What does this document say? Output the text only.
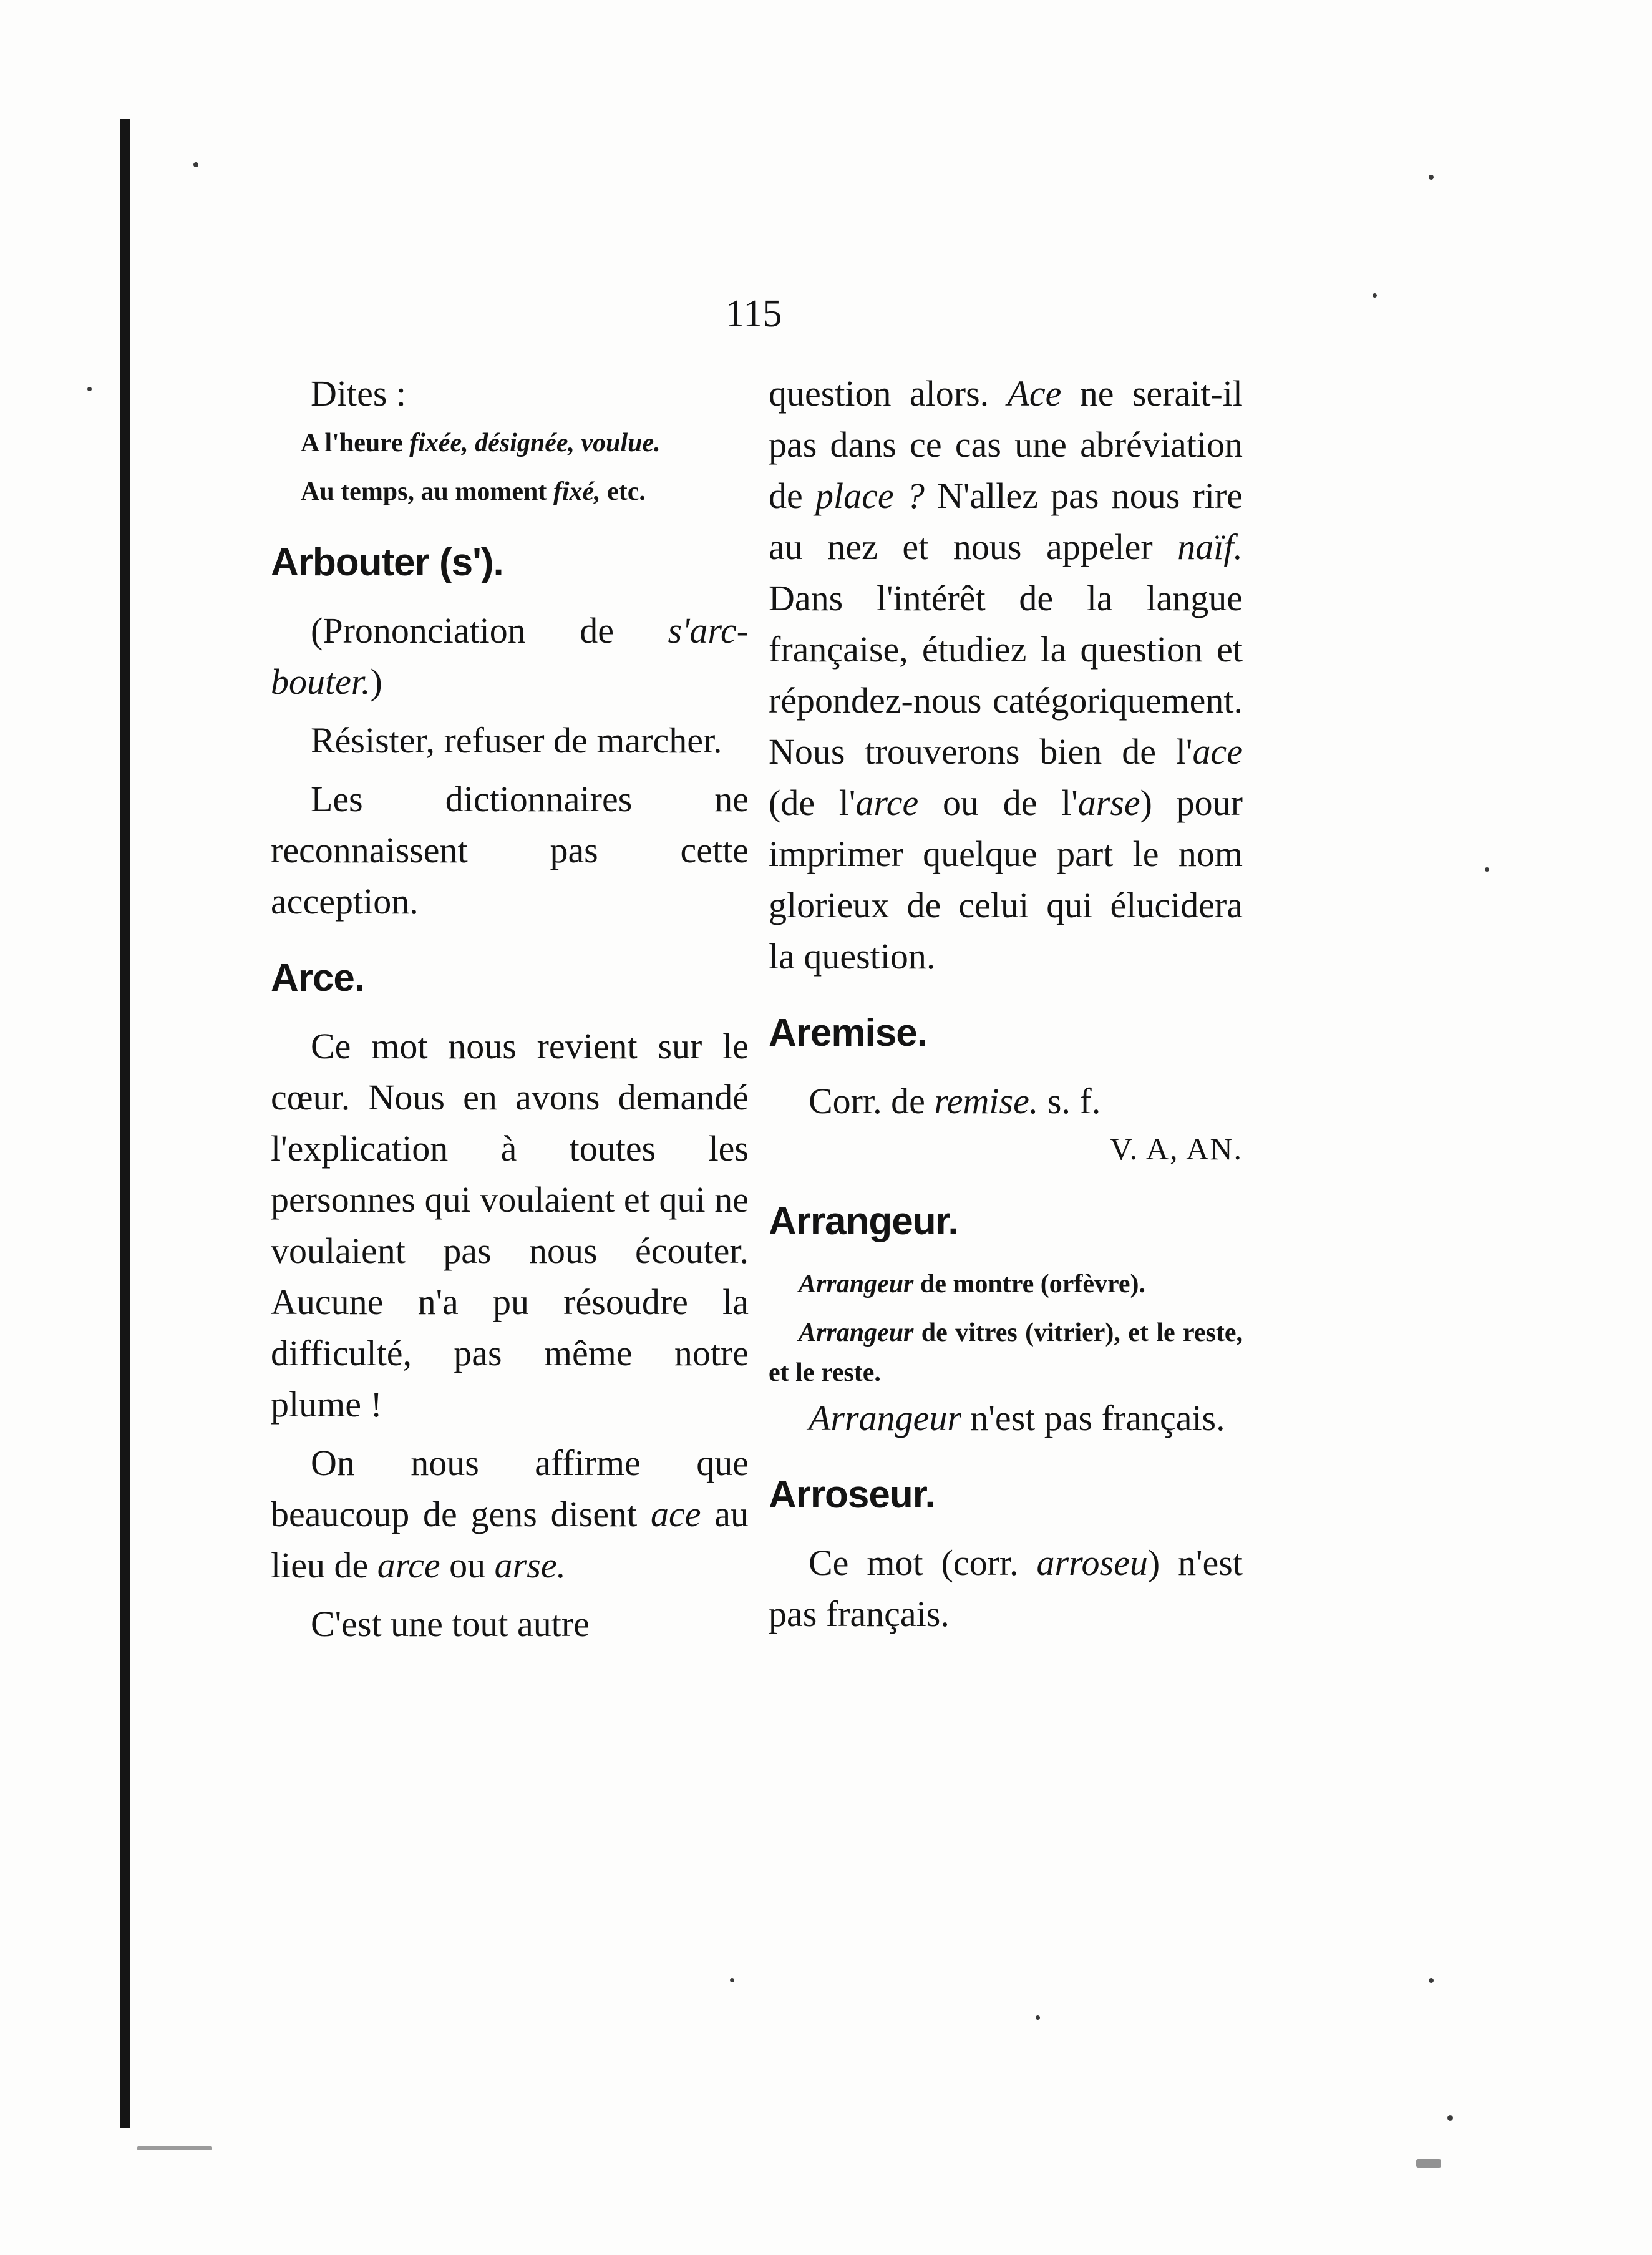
115

Dites :

A l'heure fixée, désignée, voulue.

Au temps, au moment fixé, etc.

Arbouter (s').

(Prononciation de s'arc-bouter.)

Résister, refuser de marcher.

Les dictionnaires ne reconnaissent pas cette acception.

Arce.

Ce mot nous revient sur le cœur. Nous en avons demandé l'explication à toutes les personnes qui voulaient et qui ne voulaient pas nous écouter. Aucune n'a pu résoudre la difficulté, pas même notre plume !

On nous affirme que beaucoup de gens disent ace au lieu de arce ou arse.

C'est une tout autre

question alors. Ace ne serait-il pas dans ce cas une abréviation de place ? N'allez pas nous rire au nez et nous appeler naïf. Dans l'intérêt de la langue française, étudiez la question et répondez-nous catégoriquement. Nous trouverons bien de l'ace (de l'arce ou de l'arse) pour imprimer quelque part le nom glorieux de celui qui élucidera la question.

Aremise.

Corr. de remise. s. f.

V. A, AN.

Arrangeur.

Arrangeur de montre (orfèvre).

Arrangeur de vitres (vitrier), et le reste, et le reste.

Arrangeur n'est pas français.

Arroseur.

Ce mot (corr. arroseu) n'est pas français.
